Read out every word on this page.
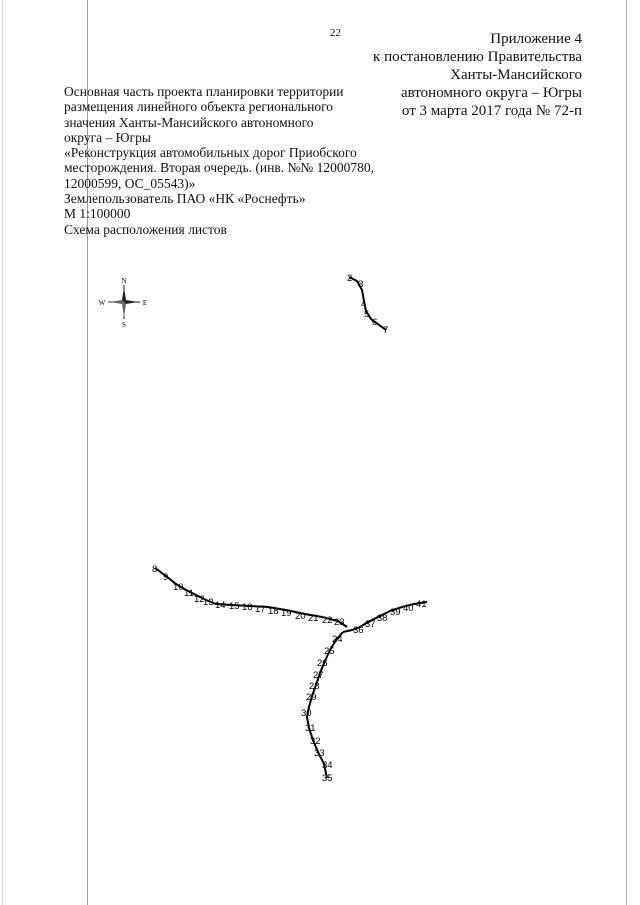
22	Приложение 4
к постановлению Правительства
Ханты-Мансийского
автономного округа – Югры
от 3 марта 2017 года № 72-п
Основная часть проекта планировки территории
размещения линейного объекта регионального
значения Ханты-Мансийского автономного
округа – Югры
«Реконструкция автомобильных дорог Приобского
месторождения. Вторая очередь. (инв. №№ 12000780,
12000599, ОС_05543)»
Землепользователь ПАО «НК «Роснефть»
М 1:100000
Схема расположения листов
N
S
W	E
2
3
4
5
6
7
8
9
10
11
12
13 14 15 16 17 18 19 20 21 22 23
36
37
38
39 40 41
24
25
26
27
28
29
30
31
32
33
34
35
